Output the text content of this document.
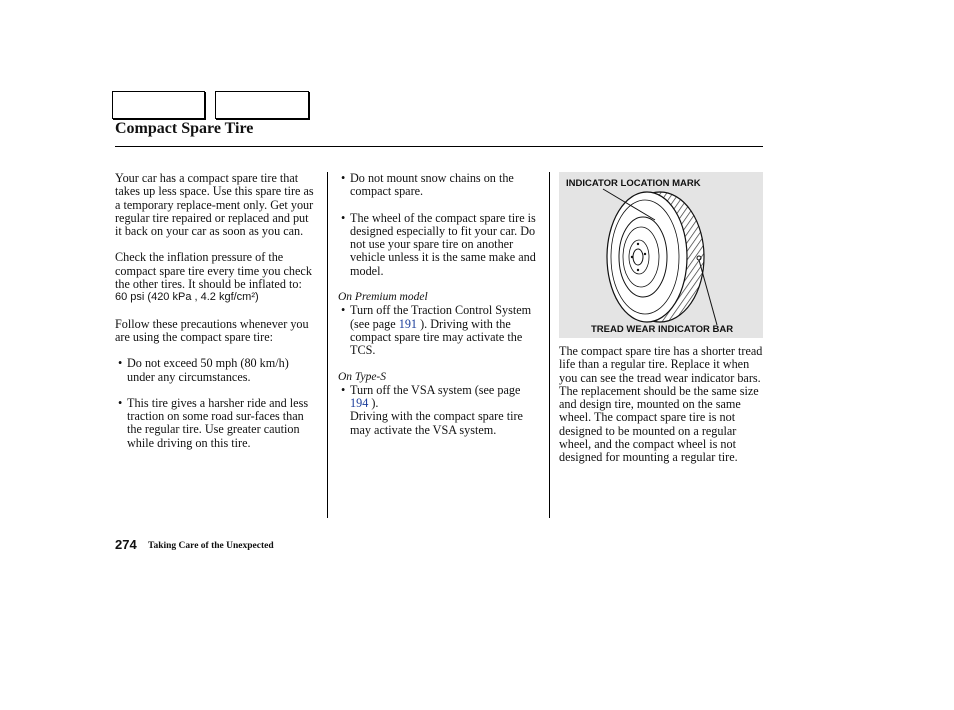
Compact Spare Tire

Your car has a compact spare tire that takes up less space. Use this spare tire as a temporary replace-ment only. Get your regular tire repaired or replaced and put it back on your car as soon as you can.

Check the inflation pressure of the compact spare tire every time you check the other tires. It should be inflated to:

60 psi (420 kPa , 4.2 kgf/cm²)

Follow these precautions whenever you are using the compact spare tire:

• Do not exceed 50 mph (80 km/h) under any circumstances.

• This tire gives a harsher ride and less traction on some road sur-faces than the regular tire. Use greater caution while driving on this tire.

• Do not mount snow chains on the compact spare.

• The wheel of the compact spare tire is designed especially to fit your car. Do not use your spare tire on another vehicle unless it is the same make and model.

On Premium model

• Turn off the Traction Control System (see page 191 ). Driving with the compact spare tire may activate the TCS.

On Type-S

• Turn off the VSA system (see page 194 ).
Driving with the compact spare tire may activate the VSA system.

INDICATOR LOCATION MARK
TREAD WEAR INDICATOR BAR

The compact spare tire has a shorter tread life than a regular tire. Replace it when you can see the tread wear indicator bars. The replacement should be the same size and design tire, mounted on the same wheel. The compact spare tire is not designed to be mounted on a regular wheel, and the compact wheel is not designed for mounting a regular tire.

274 Taking Care of the Unexpected
